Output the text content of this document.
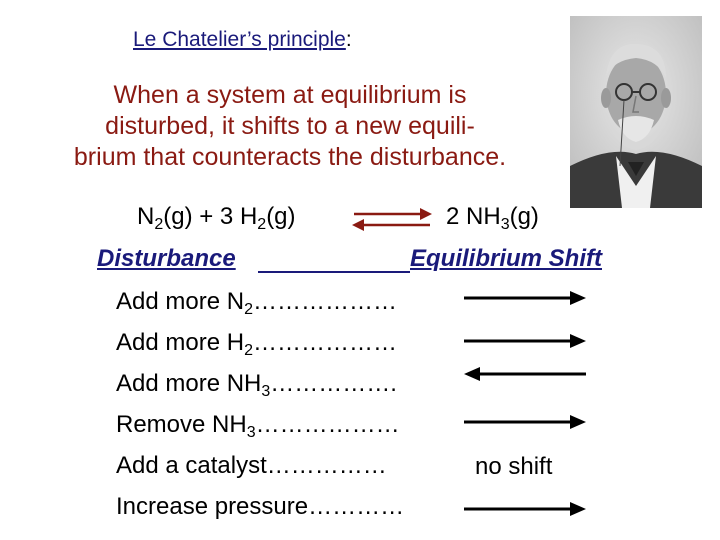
Le Chatelier’s principle:
When a system at equilibrium is
disturbed, it shifts to a new equili-
brium that counteracts the disturbance.
$N_2(g) + 3$ $H_2(g)$	2 $NH_3(g)$
Disturbance	Equilibrium Shift
Add more $N_2\dots\dots\dots\dots\dots\dots$
Add more $H_2\dots\dots\dots\dots\dots\dots$
Add more $NH_3\dots\dots\dots\dots\dots$.
Remove $NH_3\dots\dots\dots\dots\dots\dots$
Add a catalyst……………
Increase pressure…………
no shift
